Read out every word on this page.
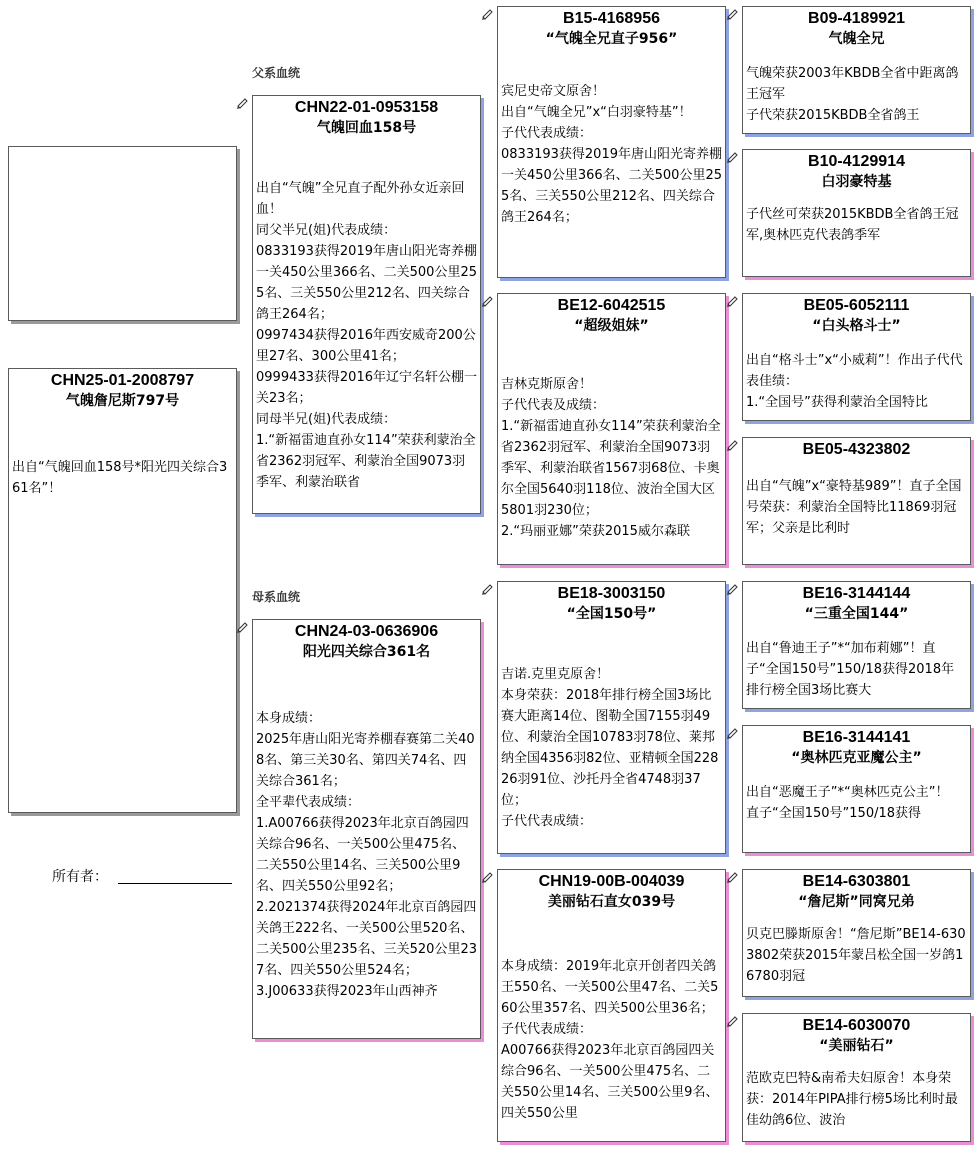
父系血统
母系血统
CHN25-01-2008797
气魄詹尼斯797号
出自“气魄回血158号*阳光四关综合361名”！
所有者：
CHN22-01-0953158
气魄回血158号
出自“气魄”全兄直子配外孙女近亲回血！
同父半兄(姐)代表成绩：
0833193获得2019年唐山阳光寄养棚一关450公里366名、二关500公里255名、三关550公里212名、四关综合鸽王264名；
0997434获得2016年西安威奇200公里27名、300公里41名；
0999433获得2016年辽宁名轩公棚一关23名；
同母半兄(姐)代表成绩：
1.“新福雷迪直孙女114”荣获利蒙治全省2362羽冠军、利蒙治全国9073羽季军、利蒙治联省
CHN24-03-0636906
阳光四关综合361名
本身成绩：
2025年唐山阳光寄养棚春赛第二关408名、第三关30名、第四关74名、四关综合361名；
全平辈代表成绩：
1.A00766获得2023年北京百鸽园四关综合96名、一关500公里475名、二关550公里14名、三关500公里9名、四关550公里92名；
2.2021374获得2024年北京百鸽园四关鸽王222名、一关500公里520名、二关500公里235名、三关520公里237名、四关550公里524名；
3.J00633获得2023年山西神齐
B15-4168956
“气魄全兄直子956”
宾尼史帝文原舍！
出自“气魄全兄”x“白羽豪特基”！
子代代表成绩：
0833193获得2019年唐山阳光寄养棚一关450公里366名、二关500公里255名、三关550公里212名、四关综合鸽王264名；
BE12-6042515
“超级姐妹”
吉林克斯原舍！
子代代表及成绩：
1.“新福雷迪直孙女114”荣获利蒙治全省2362羽冠军、利蒙治全国9073羽季军、利蒙治联省1567羽68位、卡奥尔全国5640羽118位、波治全国大区5801羽230位；
2.“玛丽亚娜”荣获2015威尔森联
BE18-3003150
“全国150号”
吉诺.克里克原舍！
本身荣获：2018年排行榜全国3场比赛大距离14位、图勒全国7155羽49位、利蒙治全国10783羽78位、莱邦纳全国4356羽82位、亚精顿全国22826羽91位、沙托丹全省4748羽37位；
子代代表成绩：
CHN19-00B-004039
美丽钻石直女039号
本身成绩：2019年北京开创者四关鸽王550名、一关500公里47名、二关560公里357名、四关500公里36名；
子代代表成绩：
A00766获得2023年北京百鸽园四关综合96名、一关500公里475名、二关550公里14名、三关500公里9名、四关550公里
B09-4189921
气魄全兄
气魄荣获2003年KBDB全省中距离鸽王冠军
子代荣获2015KBDB全省鸽王
B10-4129914
白羽豪特基
子代丝可荣获2015KBDB全省鸽王冠军,奥林匹克代表鸽季军
BE05-6052111
“白头格斗士”
出自“格斗士”x“小威莉”！作出子代代表佳绩：
1.“全国号”获得利蒙治全国特比
BE05-4323802
出自“气魄”x“豪特基989”！直子全国号荣获：利蒙治全国特比11869羽冠军；父亲是比利时
BE16-3144144
“三重全国144”
出自“鲁迪王子”*“加布莉娜”！直子“全国150号”150/18获得2018年排行榜全国3场比赛大
BE16-3144141
“奥林匹克亚魔公主”
出自“恶魔王子”*“奥林匹克公主”！
直子“全国150号”150/18获得
BE14-6303801
“詹尼斯”同窝兄弟
贝克巴滕斯原舍！“詹尼斯”BE14-6303802荣获2015年蒙吕松全国一岁鸽16780羽冠
BE14-6030070
“美丽钻石”
范欧克巴特&南希夫妇原舍！本身荣获：2014年PIPA排行榜5场比利时最佳幼鸽6位、波治
